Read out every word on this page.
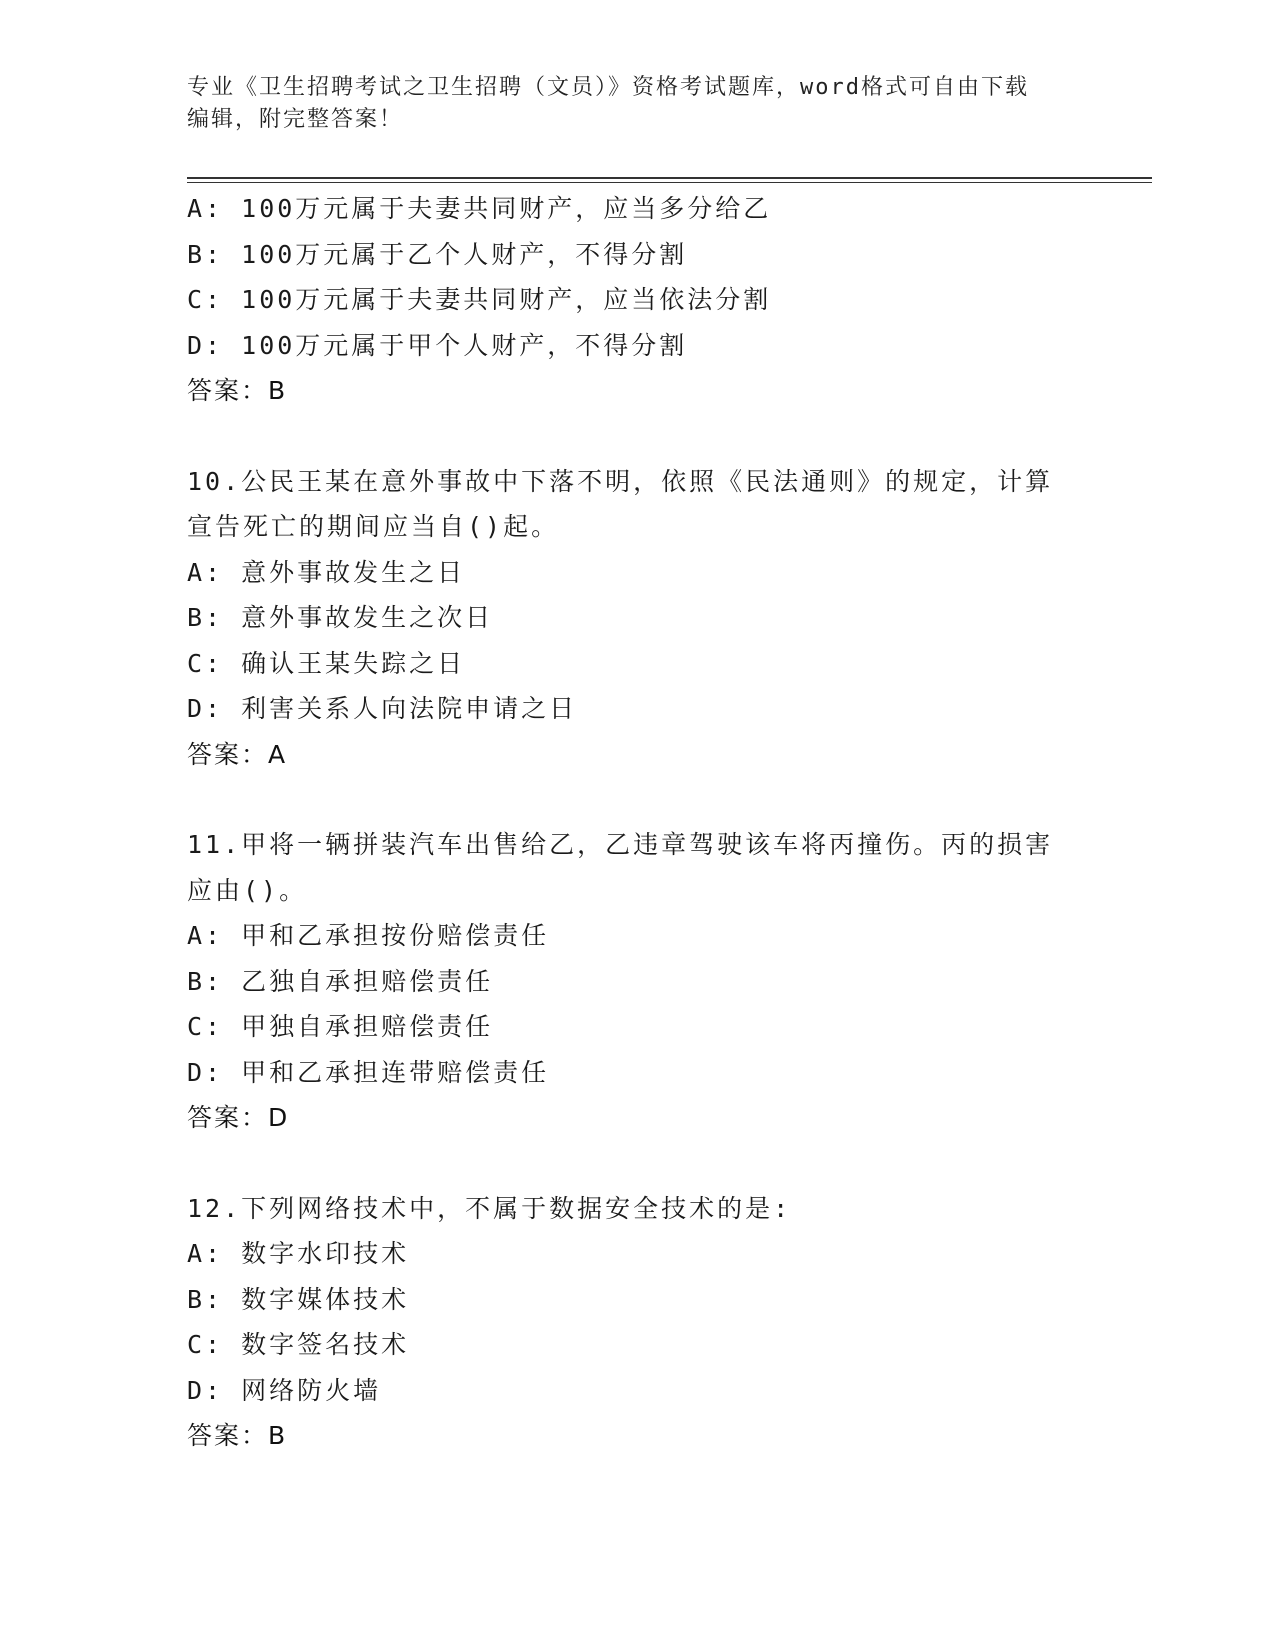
专业《卫生招聘考试之卫生招聘（文员）》资格考试题库，word格式可自由下载
编辑，附完整答案！
A: 100万元属于夫妻共同财产，应当多分给乙
B: 100万元属于乙个人财产，不得分割
C: 100万元属于夫妻共同财产，应当依法分割
D: 100万元属于甲个人财产，不得分割
答案：B
10.公民王某在意外事故中下落不明，依照《民法通则》的规定，计算
宣告死亡的期间应当自()起。
A: 意外事故发生之日
B: 意外事故发生之次日
C: 确认王某失踪之日
D: 利害关系人向法院申请之日
答案：A
11.甲将一辆拼装汽车出售给乙，乙违章驾驶该车将丙撞伤。丙的损害
应由()。
A: 甲和乙承担按份赔偿责任
B: 乙独自承担赔偿责任
C: 甲独自承担赔偿责任
D: 甲和乙承担连带赔偿责任
答案：D
12.下列网络技术中，不属于数据安全技术的是:
A: 数字水印技术
B: 数字媒体技术
C: 数字签名技术
D: 网络防火墙
答案：B
